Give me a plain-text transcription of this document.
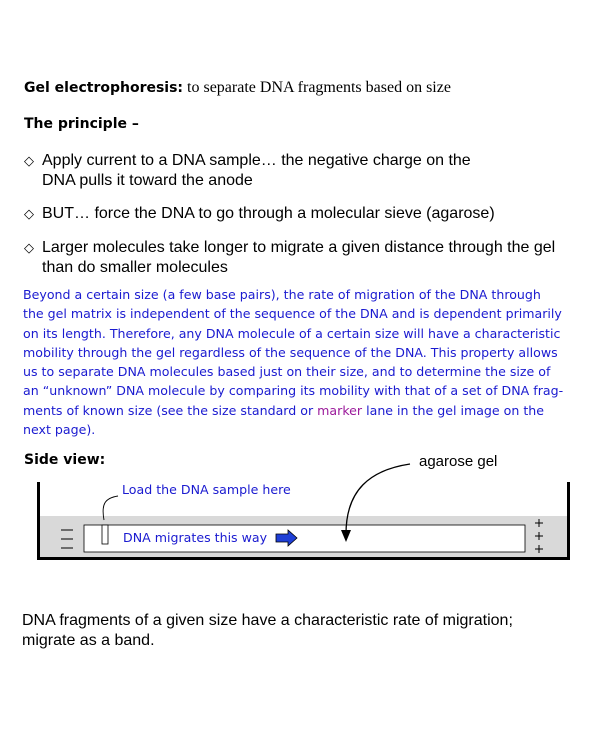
Gel electrophoresis: to separate DNA fragments based on size
The principle –
◇ Apply current to a DNA sample… the negative charge on the
DNA pulls it toward the anode
◇ BUT… force the DNA to go through a molecular sieve (agarose)
◇ Larger molecules take longer to migrate a given distance through the gel
than do smaller molecules
Beyond a certain size (a few base pairs), the rate of migration of the DNA through
the gel matrix is independent of the sequence of the DNA and is dependent primarily
on its length. Therefore, any DNA molecule of a certain size will have a characteristic
mobility through the gel regardless of the sequence of the DNA. This property allows
us to separate DNA molecules based just on their size, and to determine the size of
an “unknown” DNA molecule by comparing its mobility with that of a set of DNA frag-
ments of known size (see the size standard or marker lane in the gel image on the
next page).
Side view:	agarose gel
Load the DNA sample here
DNA migrates this way
DNA fragments of a given size have a characteristic rate of migration;
migrate as a band.
